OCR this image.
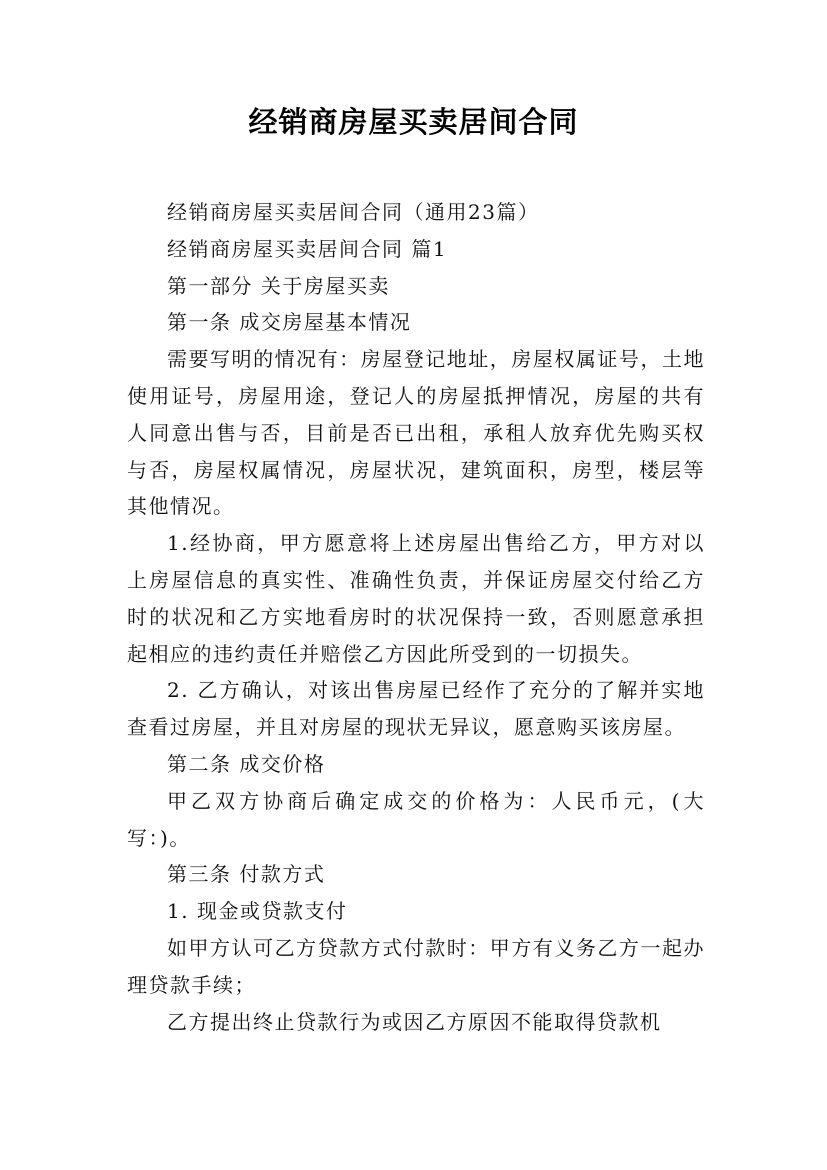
经销商房屋买卖居间合同

经销商房屋买卖居间合同（通用23篇）

经销商房屋买卖居间合同 篇1

第一部分 关于房屋买卖

第一条 成交房屋基本情况

需要写明的情况有：房屋登记地址，房屋权属证号，土地使用证号，房屋用途，登记人的房屋抵押情况，房屋的共有人同意出售与否，目前是否已出租，承租人放弃优先购买权与否，房屋权属情况，房屋状况，建筑面积，房型，楼层等其他情况。

1.经协商，甲方愿意将上述房屋出售给乙方，甲方对以上房屋信息的真实性、准确性负责，并保证房屋交付给乙方时的状况和乙方实地看房时的状况保持一致，否则愿意承担起相应的违约责任并赔偿乙方因此所受到的一切损失。

2. 乙方确认，对该出售房屋已经作了充分的了解并实地查看过房屋，并且对房屋的现状无异议，愿意购买该房屋。

第二条 成交价格

甲乙双方协商后确定成交的价格为：人民币元，(大写：)。

第三条 付款方式

1. 现金或贷款支付

如甲方认可乙方贷款方式付款时：甲方有义务乙方一起办理贷款手续；

乙方提出终止贷款行为或因乙方原因不能取得贷款机
